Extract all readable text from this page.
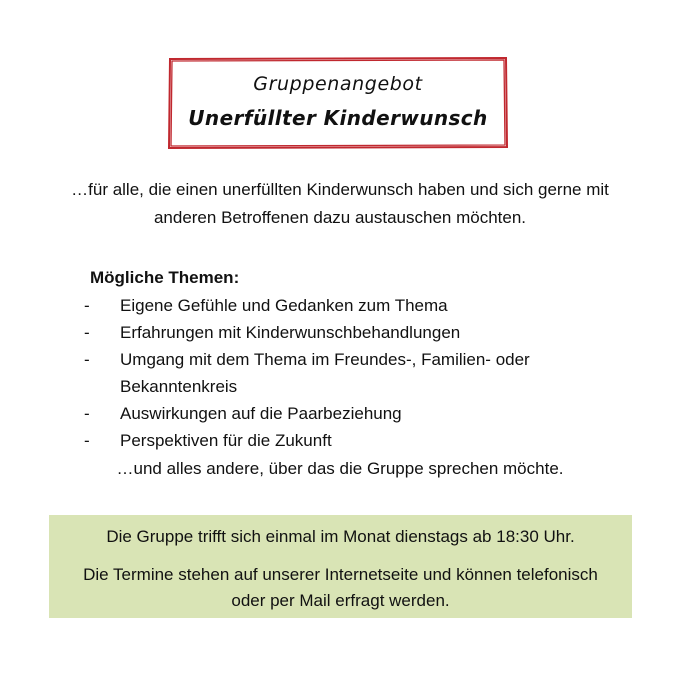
Gruppenangebot
Unerfüllter Kinderwunsch
…für alle, die einen unerfüllten Kinderwunsch haben und sich gerne mit anderen Betroffenen dazu austauschen möchten.
Mögliche Themen:
- Eigene Gefühle und Gedanken zum Thema
- Erfahrungen mit Kinderwunschbehandlungen
- Umgang mit dem Thema im Freundes-, Familien- oder Bekanntenkreis
- Auswirkungen auf die Paarbeziehung
- Perspektiven für die Zukunft
…und alles andere, über das die Gruppe sprechen möchte.
Die Gruppe trifft sich einmal im Monat dienstags ab 18:30 Uhr.
Die Termine stehen auf unserer Internetseite und können telefonisch oder per Mail erfragt werden.
